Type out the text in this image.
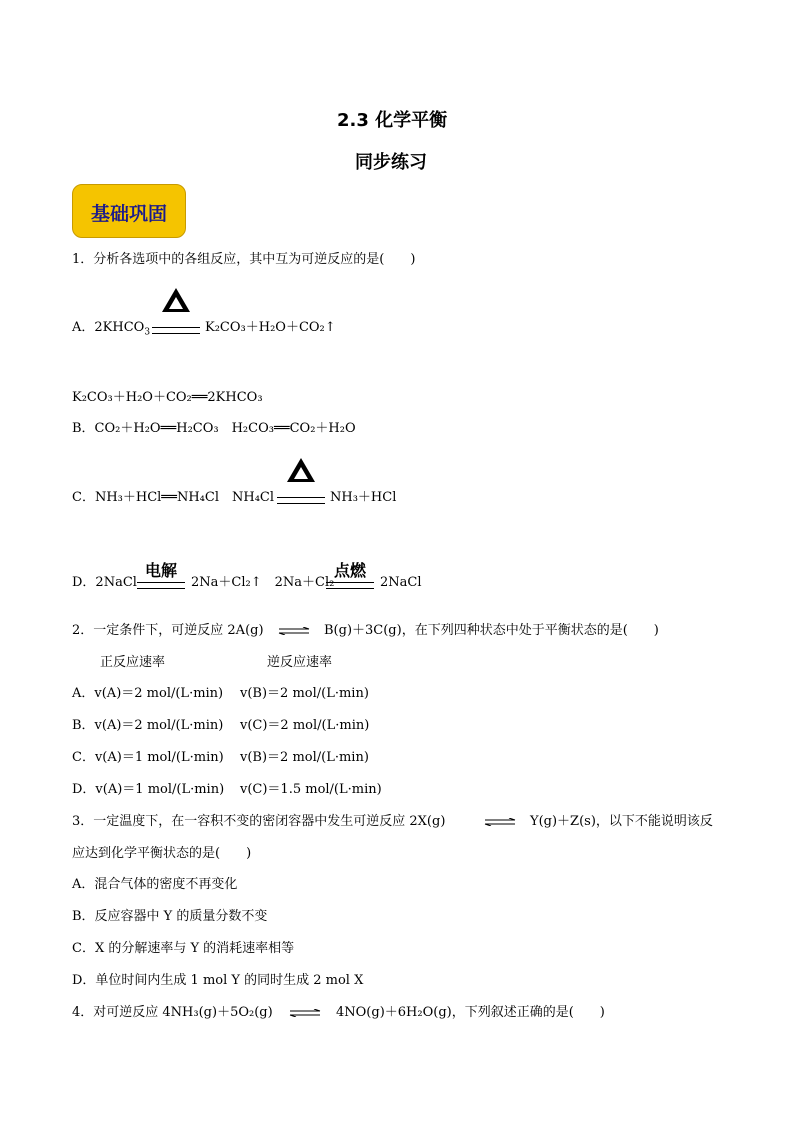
2.3 化学平衡
同步练习
基础巩固
1．分析各选项中的各组反应，其中互为可逆反应的是(　　)
A．$2KHCO_3$	K₂CO₃＋H₂O＋CO₂↑
K₂CO₃＋H₂O＋CO₂══2KHCO₃
B．CO₂＋H₂O══H₂CO₃　H₂CO₃══CO₂＋H₂O
C．NH₃＋HCl══NH₄Cl　NH₄Cl	NH₃＋HCl
电解	点燃
D．2NaCl	2Na＋Cl₂↑　2Na＋Cl₂	2NaCl
2．一定条件下，可逆反应 2A(g) ⇌ B(g)＋3C(g)，在下列四种状态中处于平衡状态的是(　　)
正反应速率	逆反应速率
A．v(A)＝2 mol/(L·min) v(B)＝2 mol/(L·min)
B．v(A)＝2 mol/(L·min) v(C)＝2 mol/(L·min)
C．v(A)＝1 mol/(L·min) v(B)＝2 mol/(L·min)
D．v(A)＝1 mol/(L·min) v(C)＝1.5 mol/(L·min)
3．一定温度下，在一容积不变的密闭容器中发生可逆反应 2X(g) ⇌ Y(g)＋Z(s)，以下不能说明该反
应达到化学平衡状态的是(　　)
A．混合气体的密度不再变化
B．反应容器中 Y 的质量分数不变
C．X 的分解速率与 Y 的消耗速率相等
D．单位时间内生成 1 mol Y 的同时生成 2 mol X
4．对可逆反应 4NH₃(g)＋5O₂(g) ⇌ 4NO(g)＋6H₂O(g)，下列叙述正确的是(　　)
